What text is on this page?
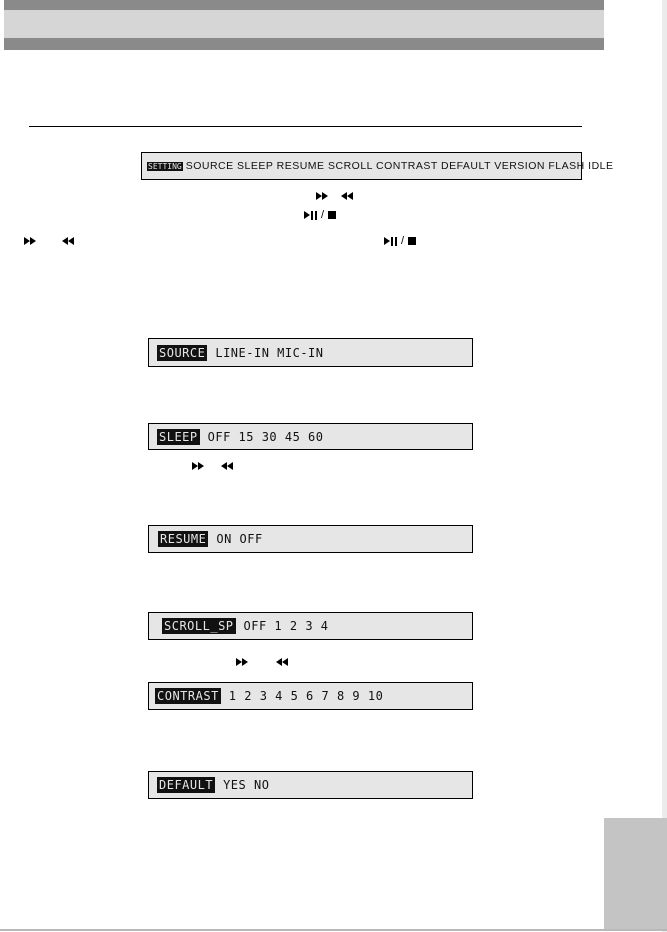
SETTING SOURCE SLEEP RESUME SCROLL CONTRAST DEFAULT VERSION FLASH IDLE
/
/
SOURCE LINE-IN MIC-IN
SLEEP OFF 15 30 45 60
RESUME ON OFF
SCROLL_SP OFF 1 2 3 4
CONTRAST 1 2 3 4 5 6 7 8 9 10
DEFAULT YES NO
